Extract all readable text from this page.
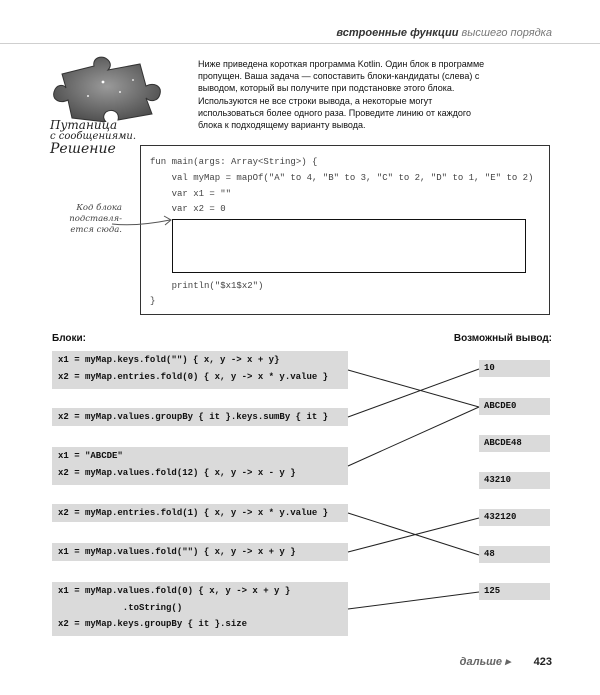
встроенные функции высшего порядка
Путаница
с сообщениями.
Решение
Ниже приведена короткая программа Kotlin. Один блок в программе пропущен. Ваша задача — сопоставить блоки-кандидаты (слева) с выводом, который вы получите при подстановке этого блока. Используются не все строки вывода, а некоторые могут использоваться более одного раза. Проведите линию от каждого блока к подходящему варианту вывода.
fun main(args: Array<String>) {
val myMap = mapOf("A" to 4, "B" to 3, "C" to 2, "D" to 1, "E" to 2)
var x1 = ""
var x2 = 0
println("$x1$x2")
}
Код блока подставля-ется сюда.
Блоки:	Возможный вывод:
x1 = myMap.keys.fold("") { x, y -> x + y}
x2 = myMap.entries.fold(0) { x, y -> x * y.value }
x2 = myMap.values.groupBy { it }.keys.sumBy { it }
x1 = "ABCDE"
x2 = myMap.values.fold(12) { x, y -> x - y }
x2 = myMap.entries.fold(1) { x, y -> x * y.value }
x1 = myMap.values.fold("") { x, y -> x + y }
x1 = myMap.values.fold(0) { x, y -> x + y }
.toString()
x2 = myMap.keys.groupBy { it }.size
10
ABCDE0
ABCDE48
43210
432120
48
125
дальше ▸ 423
